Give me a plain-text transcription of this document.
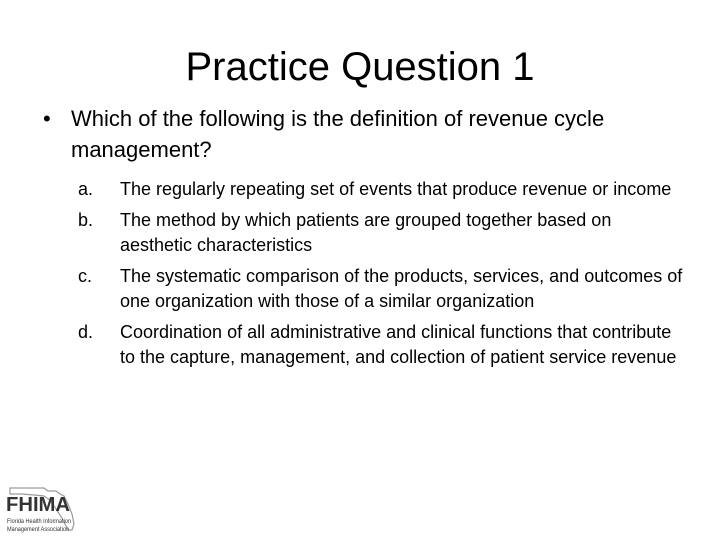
Practice Question 1
• Which of the following is the definition of revenue cycle management?
a.	The regularly repeating set of events that produce revenue or income
b.	The method by which patients are grouped together based on aesthetic characteristics
c.	The systematic comparison of the products, services, and outcomes of one organization with those of a similar organization
d.	Coordination of all administrative and clinical functions that contribute to the capture, management, and collection of patient service revenue
FHIMA
Florida Health Information
Management Association
